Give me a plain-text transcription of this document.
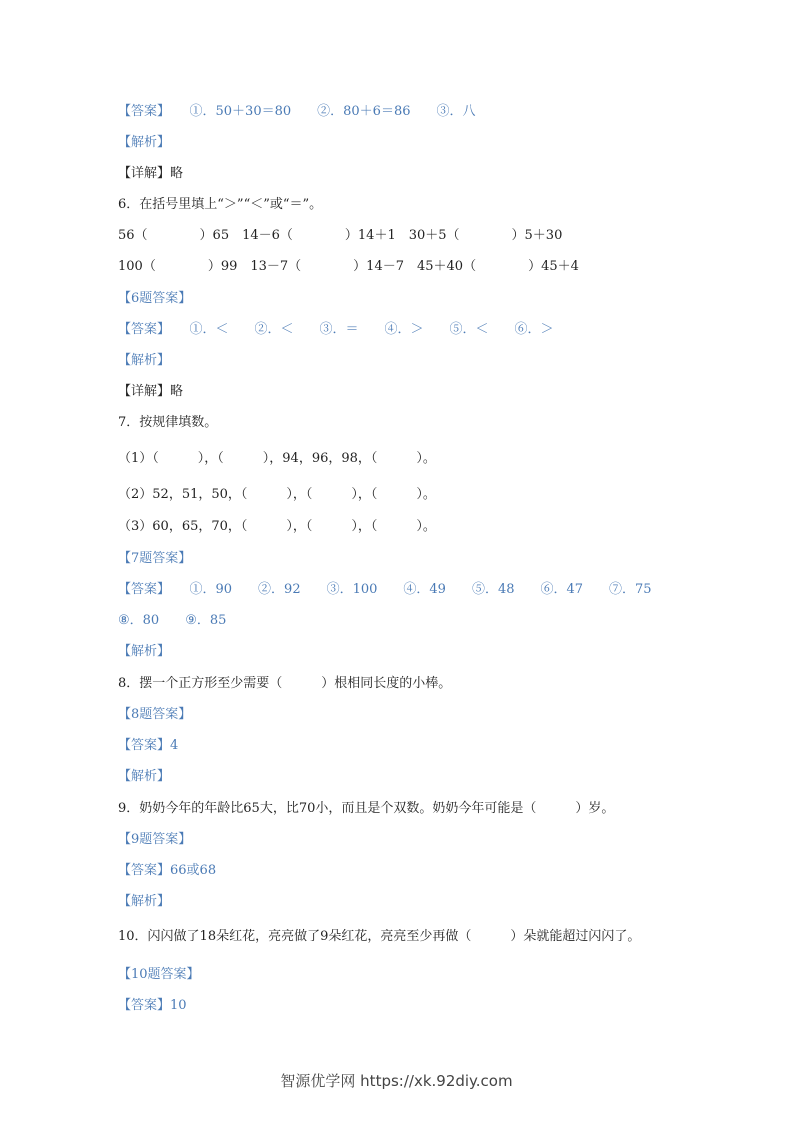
【答案】　　①．50＋30＝80　　②．80＋6＝86　　③．八
【解析】
【详解】略
6．在括号里填上“＞”“＜”或“＝”。
56（　　　　）65　14－6（　　　　）14＋1　30＋5（　　　　）5＋30
100（　　　　）99　13－7（　　　　）14－7　45＋40（　　　　）45＋4
【6题答案】
【答案】　　①．＜　　②．＜　　③．＝　　④．＞　　⑤．＜　　⑥．＞
【解析】
【详解】略
7．按规律填数。
（1）（　　　），（　　　），94，96，98，（　　　）。
（2）52，51，50，（　　　），（　　　），（　　　）。
（3）60，65，70，（　　　），（　　　），（　　　）。
【7题答案】
【答案】　　①．90　　②．92　　③．100　　④．49　　⑤．48　　⑥．47　　⑦．75
⑧．80　　⑨．85
【解析】
8．摆一个正方形至少需要（　　　）根相同长度的小棒。
【8题答案】
【答案】4
【解析】
9．奶奶今年的年龄比65大，比70小，而且是个双数。奶奶今年可能是（　　　）岁。
【9题答案】
【答案】66或68
【解析】
10．闪闪做了18朵红花，亮亮做了9朵红花，亮亮至少再做（　　　）朵就能超过闪闪了。
【10题答案】
【答案】10
智源优学网 https://xk.92diy.com
